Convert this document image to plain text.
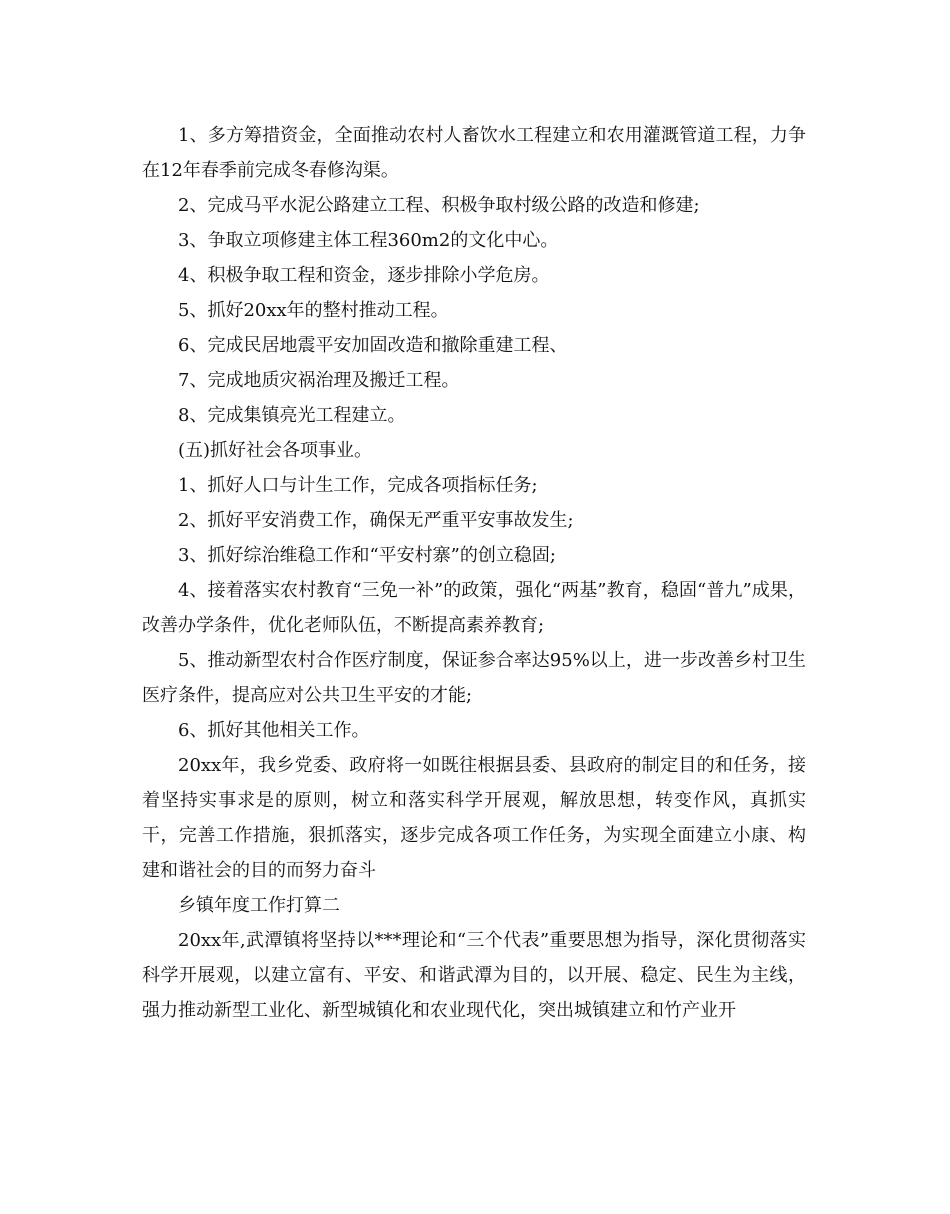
1、多方筹措资金，全面推动农村人畜饮水工程建立和农用灌溉管道工程，力争在12年春季前完成冬春修沟渠。

2、完成马平水泥公路建立工程、积极争取村级公路的改造和修建;

3、争取立项修建主体工程360m2的文化中心。

4、积极争取工程和资金，逐步排除小学危房。

5、抓好20xx年的整村推动工程。

6、完成民居地震平安加固改造和撤除重建工程、

7、完成地质灾祸治理及搬迁工程。

8、完成集镇亮光工程建立。

(五)抓好社会各项事业。

1、抓好人口与计生工作，完成各项指标任务;

2、抓好平安消费工作，确保无严重平安事故发生;

3、抓好综治维稳工作和“平安村寨”的创立稳固;

4、接着落实农村教育“三免一补”的政策，强化“两基”教育，稳固“普九”成果，改善办学条件，优化老师队伍，不断提高素养教育;

5、推动新型农村合作医疗制度，保证参合率达95%以上，进一步改善乡村卫生医疗条件，提高应对公共卫生平安的才能;

6、抓好其他相关工作。

20xx年，我乡党委、政府将一如既往根据县委、县政府的制定目的和任务，接着坚持实事求是的原则，树立和落实科学开展观，解放思想，转变作风，真抓实干，完善工作措施，狠抓落实，逐步完成各项工作任务，为实现全面建立小康、构建和谐社会的目的而努力奋斗

乡镇年度工作打算二

20xx年,武潭镇将坚持以***理论和“三个代表”重要思想为指导，深化贯彻落实科学开展观，以建立富有、平安、和谐武潭为目的，以开展、稳定、民生为主线，强力推动新型工业化、新型城镇化和农业现代化，突出城镇建立和竹产业开
